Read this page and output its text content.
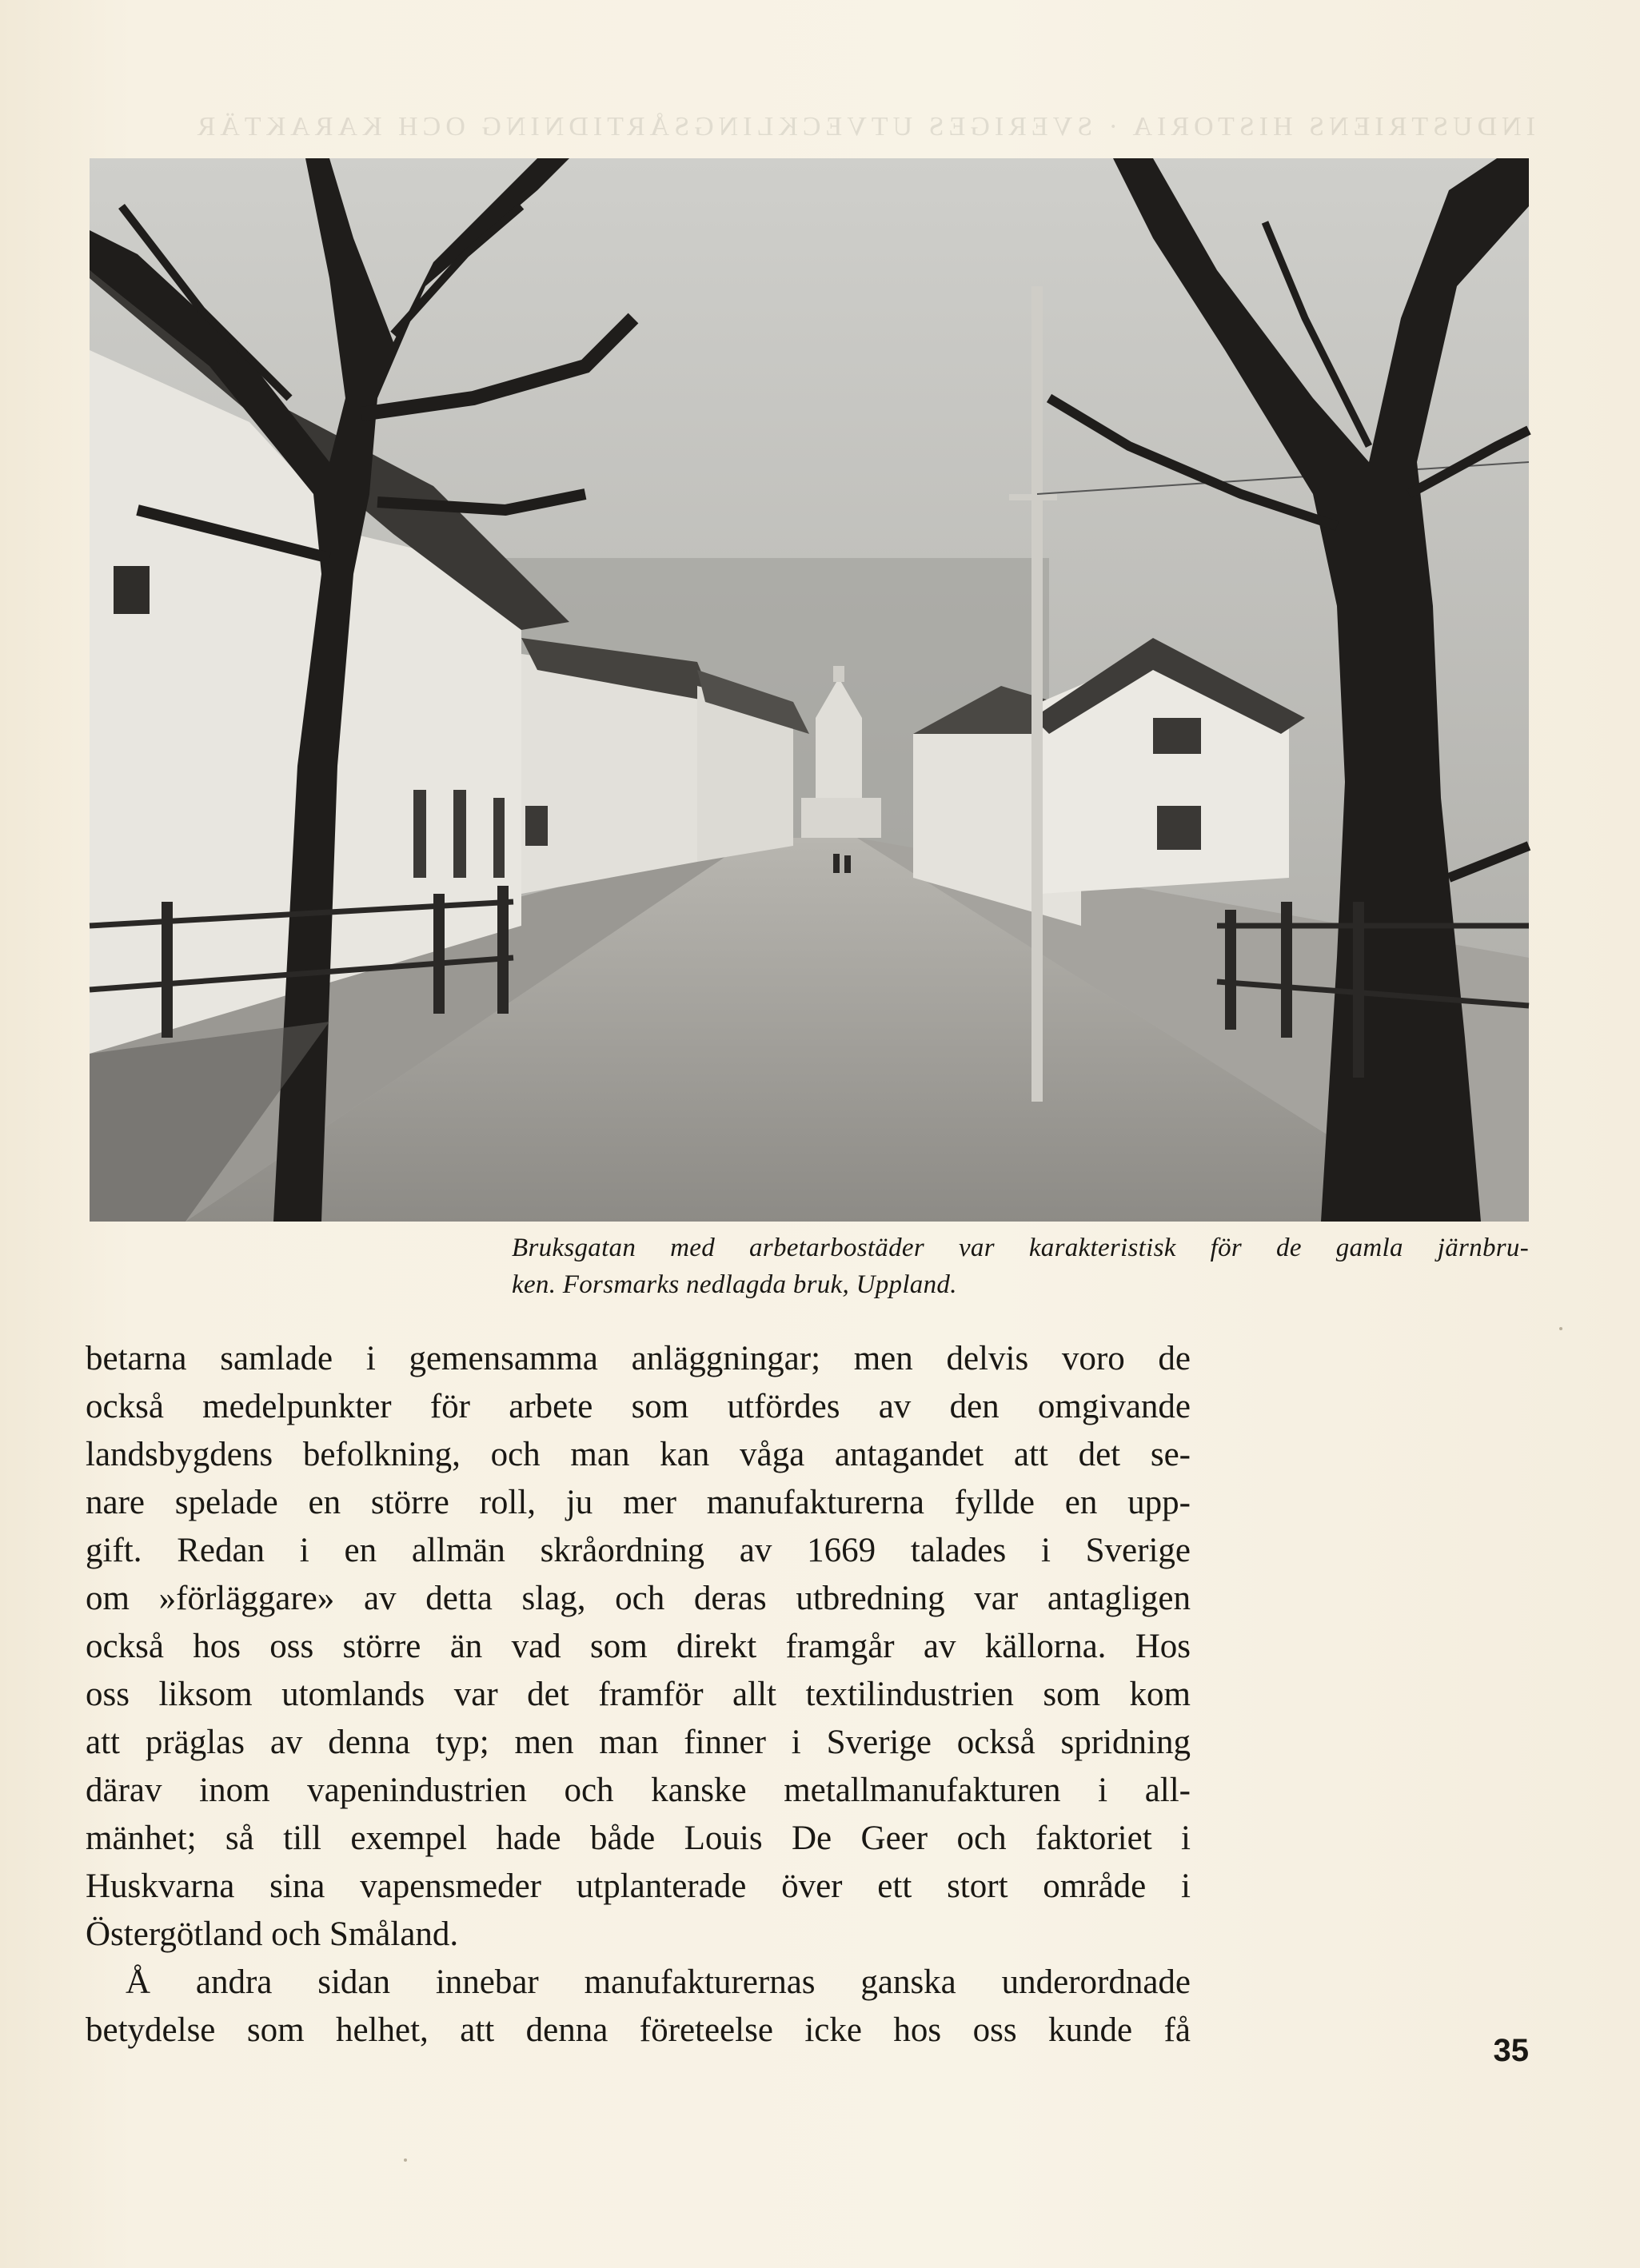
INDUSTRIENS HISTORIA · SVERIGES UTVECKLINGSÅRTIDNING OCH KARAKTÄR
Bruksgatan med arbetarbostäder var karakteristisk för de gamla järnbru-
ken. Forsmarks nedlagda bruk, Uppland.
betarna samlade i gemensamma anläggningar; men delvis voro de
också medelpunkter för arbete som utfördes av den omgivande
landsbygdens befolkning, och man kan våga antagandet att det se-
nare spelade en större roll, ju mer manufakturerna fyllde en upp-
gift. Redan i en allmän skråordning av 1669 talades i Sverige
om »förläggare» av detta slag, och deras utbredning var antagligen
också hos oss större än vad som direkt framgår av källorna. Hos
oss liksom utomlands var det framför allt textilindustrien som kom
att präglas av denna typ; men man finner i Sverige också spridning
därav inom vapenindustrien och kanske metallmanufakturen i all-
mänhet; så till exempel hade både Louis De Geer och faktoriet i
Huskvarna sina vapensmeder utplanterade över ett stort område i
Östergötland och Småland.
Å andra sidan innebar manufakturernas ganska underordnade
betydelse som helhet, att denna företeelse icke hos oss kunde få
35
